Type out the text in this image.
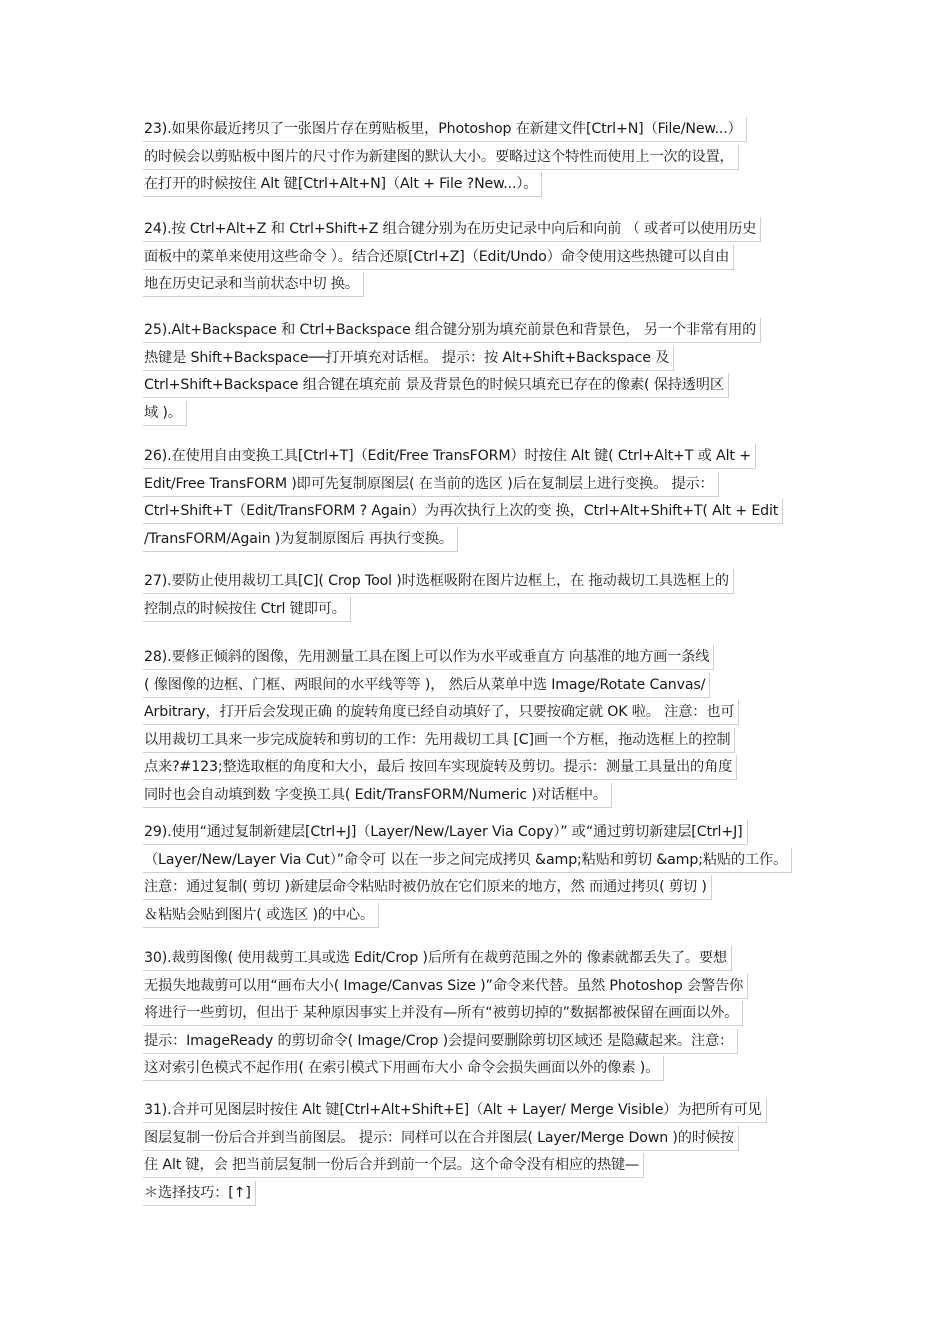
23).如果你最近拷贝了一张图片存在剪贴板里，Photoshop 在新建文件[Ctrl+N]（File/New...）
的时候会以剪贴板中图片的尺寸作为新建图的默认大小。要略过这个特性而使用上一次的设置，
在打开的时候按住 Alt 键[Ctrl+Alt+N]（Alt + File ?New...）。
24).按 Ctrl+Alt+Z 和 Ctrl+Shift+Z 组合键分别为在历史记录中向后和向前 （ 或者可以使用历史
面板中的菜单来使用这些命令 ）。结合还原[Ctrl+Z]（Edit/Undo）命令使用这些热键可以自由
地在历史记录和当前状态中切 换。
25).Alt+Backspace 和 Ctrl+Backspace 组合键分别为填充前景色和背景色， 另一个非常有用的
热键是 Shift+Backspace──打开填充对话框。 提示：按 Alt+Shift+Backspace 及
Ctrl+Shift+Backspace 组合键在填充前 景及背景色的时候只填充已存在的像素( 保持透明区
域 )。
26).在使用自由变换工具[Ctrl+T]（Edit/Free TransFORM）时按住 Alt 键( Ctrl+Alt+T 或 Alt +
Edit/Free TransFORM )即可先复制原图层( 在当前的选区 )后在复制层上进行变换。 提示：
Ctrl+Shift+T（Edit/TransFORM ? Again）为再次执行上次的变 换，Ctrl+Alt+Shift+T( Alt + Edit
/TransFORM/Again )为复制原图后 再执行变换。
27).要防止使用裁切工具[C]( Crop Tool )时选框吸附在图片边框上，在 拖动裁切工具选框上的
控制点的时候按住 Ctrl 键即可。
28).要修正倾斜的图像，先用测量工具在图上可以作为水平或垂直方 向基准的地方画一条线
( 像图像的边框、门框、两眼间的水平线等等 )， 然后从菜单中选 Image/Rotate Canvas/
Arbitrary，打开后会发现正确 的旋转角度已经自动填好了，只要按确定就 OK 啦。 注意：也可
以用裁切工具来一步完成旋转和剪切的工作：先用裁切工具 [C]画一个方框，拖动选框上的控制
点来?#123;整选取框的角度和大小，最后 按回车实现旋转及剪切。提示：测量工具量出的角度
同时也会自动填到数 字变换工具( Edit/TransFORM/Numeric )对话框中。
29).使用“通过复制新建层[Ctrl+J]（Layer/New/Layer Via Copy）” 或“通过剪切新建层[Ctrl+J]
（Layer/New/Layer Via Cut）”命令可 以在一步之间完成拷贝 &amp;粘贴和剪切 &amp;粘贴的工作。
注意：通过复制( 剪切 )新建层命令粘贴时被仍放在它们原来的地方，然 而通过拷贝( 剪切 )
＆粘贴会贴到图片( 或选区 )的中心。
30).裁剪图像( 使用裁剪工具或选 Edit/Crop )后所有在裁剪范围之外的 像素就都丢失了。要想
无损失地裁剪可以用“画布大小( Image/Canvas Size )”命令来代替。虽然 Photoshop 会警告你
将进行一些剪切，但出于 某种原因事实上并没有—所有“被剪切掉的”数据都被保留在画面以外。
提示：ImageReady 的剪切命令( Image/Crop )会提问要删除剪切区域还 是隐藏起来。注意：
这对索引色模式不起作用( 在索引模式下用画布大小 命令会损失画面以外的像素 )。
31).合并可见图层时按住 Alt 键[Ctrl+Alt+Shift+E]（Alt + Layer/ Merge Visible）为把所有可见
图层复制一份后合并到当前图层。 提示：同样可以在合并图层( Layer/Merge Down )的时候按
住 Alt 键，会 把当前层复制一份后合并到前一个层。这个命令没有相应的热键—
＊选择技巧：[↑]
